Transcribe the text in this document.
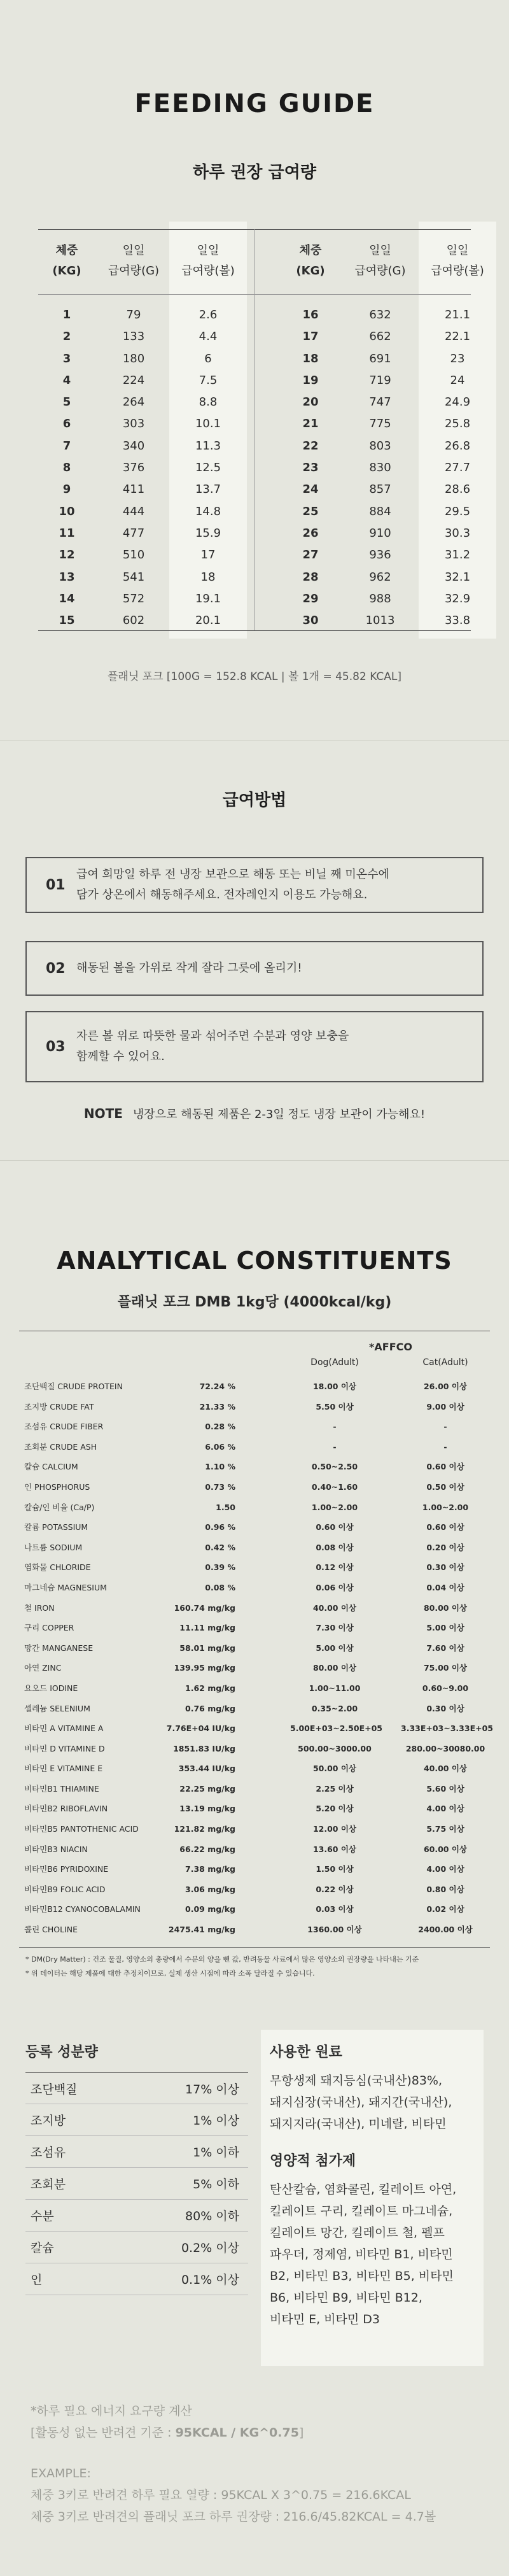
FEEDING GUIDE
하루 권장 급여량
체중
(KG)
일일
급여량(G)
일일
급여량(볼)
체중
(KG)
일일
급여량(G)
일일
급여량(볼)
1	79	2.6	16	632	21.1
2	133	4.4	17	662	22.1
3	180	6	18	691	23
4	224	7.5	19	719	24
5	264	8.8	20	747	24.9
6	303	10.1	21	775	25.8
7	340	11.3	22	803	26.8
8	376	12.5	23	830	27.7
9	411	13.7	24	857	28.6
10	444	14.8	25	884	29.5
11	477	15.9	26	910	30.3
12	510	17	27	936	31.2
13	541	18	28	962	32.1
14	572	19.1	29	988	32.9
15	602	20.1	30	1013	33.8
플래닛 포크 [100G = 152.8 KCAL | 볼 1개 = 45.82 KCAL]
급여방법
01
급여 희망일 하루 전 냉장 보관으로 해동 또는 비닐 째 미온수에
담가 상온에서 해동해주세요. 전자레인지 이용도 가능해요.
02 해동된 볼을 가위로 작게 잘라 그릇에 올리기!
03
자른 볼 위로 따뜻한 물과 섞어주면 수분과 영양 보충을
함께할 수 있어요.
NOTE 냉장으로 해동된 제품은 2-3일 정도 냉장 보관이 가능해요!
ANALYTICAL CONSTITUENTS
플래닛 포크 DMB 1kg당 (4000kcal/kg)
*AFFCO
Dog(Adult)	Cat(Adult)
조단백질 CRUDE PROTEIN	72.24 %	18.00 이상	26.00 이상
조지방 CRUDE FAT	21.33 %	5.50 이상	9.00 이상
조섬유 CRUDE FIBER	0.28 %	-	-
조회분 CRUDE ASH	6.06 %	-	-
칼슘 CALCIUM	1.10 %	0.50~2.50	0.60 이상
인 PHOSPHORUS	0.73 %	0.40~1.60	0.50 이상
칼슘/인 비율 (Ca/P)	1.50	1.00~2.00	1.00~2.00
칼륨 POTASSIUM	0.96 %	0.60 이상	0.60 이상
나트륨 SODIUM	0.42 %	0.08 이상	0.20 이상
염화물 CHLORIDE	0.39 %	0.12 이상	0.30 이상
마그네슘 MAGNESIUM	0.08 %	0.06 이상	0.04 이상
철 IRON	160.74 mg/kg	40.00 이상	80.00 이상
구리 COPPER	11.11 mg/kg	7.30 이상	5.00 이상
망간 MANGANESE	58.01 mg/kg	5.00 이상	7.60 이상
아연 ZINC	139.95 mg/kg	80.00 이상	75.00 이상
요오드 IODINE	1.62 mg/kg	1.00~11.00	0.60~9.00
셀레늄 SELENIUM	0.76 mg/kg	0.35~2.00	0.30 이상
비타민 A VITAMINE A	7.76E+04 IU/kg	5.00E+03~2.50E+05 3.33E+03~3.33E+05
비타민 D VITAMINE D	1851.83 IU/kg	500.00~3000.00	280.00~30080.00
비타민 E VITAMINE E	353.44 IU/kg	50.00 이상	40.00 이상
비타민B1 THIAMINE	22.25 mg/kg	2.25 이상	5.60 이상
비타민B2 RIBOFLAVIN	13.19 mg/kg	5.20 이상	4.00 이상
비타민B5 PANTOTHENIC ACID	121.82 mg/kg	12.00 이상	5.75 이상
비타민B3 NIACIN	66.22 mg/kg	13.60 이상	60.00 이상
비타민B6 PYRIDOXINE	7.38 mg/kg	1.50 이상	4.00 이상
비타민B9 FOLIC ACID	3.06 mg/kg	0.22 이상	0.80 이상
비타민B12 CYANOCOBALAMIN	0.09 mg/kg	0.03 이상	0.02 이상
콜린 CHOLINE	2475.41 mg/kg	1360.00 이상	2400.00 이상
* DM(Dry Matter) : 건조 물질, 영양소의 총량에서 수분의 양을 뺀 값, 반려동물 사료에서 많은 영양소의 권장량을 나타내는 기준
* 위 데이터는 해당 제품에 대한 추정치이므로, 실제 생산 시점에 따라 소폭 달라질 수 있습니다.
등록 성분량
조단백질	17% 이상
조지방	1% 이상
조섬유	1% 이하
조회분	5% 이하
수분	80% 이하
칼슘	0.2% 이상
인	0.1% 이상
사용한 원료
무항생제 돼지등심(국내산)83%,
돼지심장(국내산), 돼지간(국내산),
돼지지라(국내산), 미네랄, 비타민
영양적 첨가제
탄산칼슘, 염화콜린, 킬레이트 아연,
킬레이트 구리, 킬레이트 마그네슘,
킬레이트 망간, 킬레이트 철, 펠프
파우더, 정제염, 비타민 B1, 비타민
B2, 비타민 B3, 비타민 B5, 비타민
B6, 비타민 B9, 비타민 B12,
비타민 E, 비타민 D3
*하루 필요 에너지 요구량 계산
[활동성 없는 반려견 기준 : 95KCAL / KG^0.75]
EXAMPLE:
체중 3키로 반려견 하루 필요 열량 : 95KCAL X 3^0.75 = 216.6KCAL
체중 3키로 반려견의 플래닛 포크 하루 권장량 : 216.6/45.82KCAL = 4.7볼
